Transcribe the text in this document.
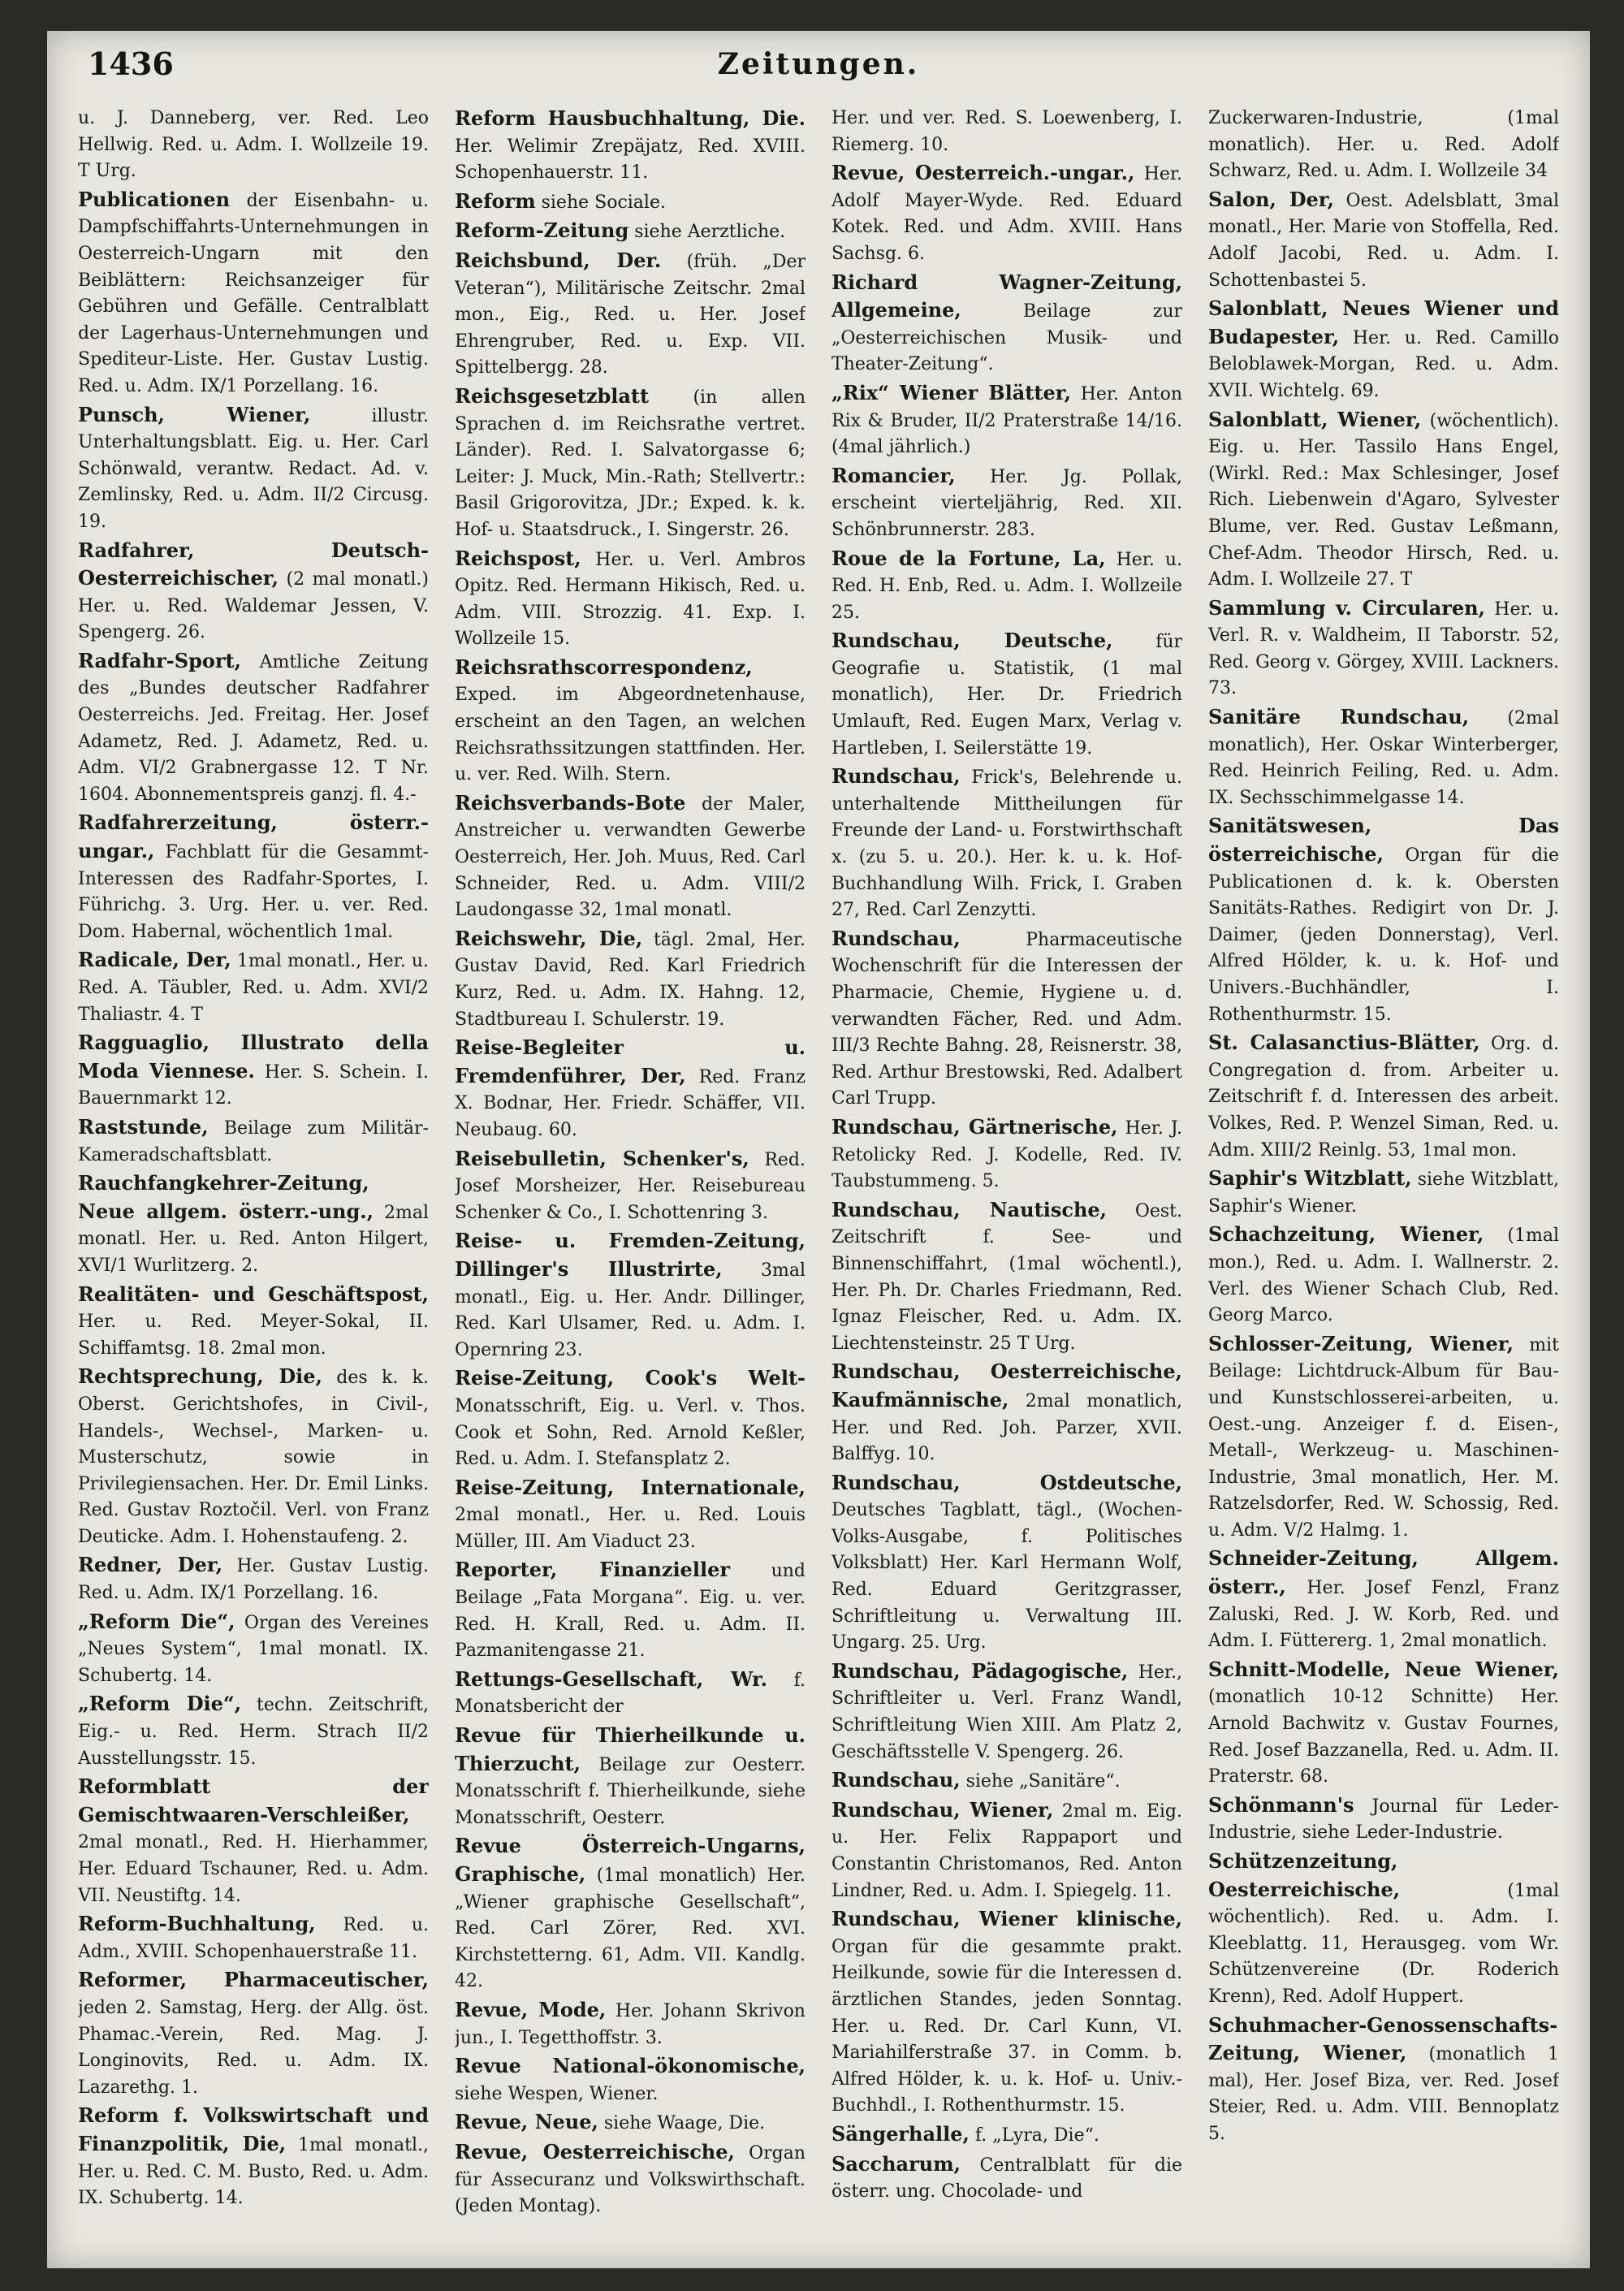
1436	Zeitungen.
u. J. Danneberg, ver. Red. Leo Hellwig. Red. u. Adm. I. Wollzeile 19. T Urg.
Publicationen der Eisenbahn- u. Dampfschiffahrts-Unternehmungen in Oesterreich-Ungarn mit den Beiblättern: Reichsanzeiger für Gebühren und Gefälle. Centralblatt der Lagerhaus-Unternehmungen und Spediteur-Liste. Her. Gustav Lustig. Red. u. Adm. IX/1 Porzellang. 16.
Punsch, Wiener,	illustr. Unterhaltungsblatt. Eig. u. Her. Carl Schönwald, verantw. Redact. Ad. v. Zemlinsky, Red. u. Adm. II/2 Circusg. 19.
Radfahrer, Deutsch-Oesterreichischer, (2 mal monatl.) Her. u. Red. Waldemar Jessen, V. Spengerg. 26.
Radfahr-Sport, Amtliche Zeitung des „Bundes deutscher Radfahrer Oesterreichs. Jed. Freitag. Her. Josef Adametz, Red. J. Adametz, Red. u. Adm. VI/2 Grabnergasse 12. T Nr. 1604. Abonnementspreis ganzj. fl. 4.-
Radfahrerzeitung, österr.-ungar., Fachblatt für die Gesammt-Interessen des Radfahr-Sportes, I. Führichg. 3. Urg. Her. u. ver. Red. Dom. Habernal, wöchentlich 1mal.
Radicale, Der, 1mal monatl., Her. u. Red. A. Täubler, Red. u. Adm. XVI/2 Thaliastr. 4. T
Ragguaglio, Illustrato della Moda Viennese. Her. S. Schein. I. Bauernmarkt 12.
Raststunde, Beilage zum Militär-Kameradschaftsblatt.
Rauchfangkehrer-Zeitung, Neue allgem. österr.-ung., 2mal monatl. Her. u. Red. Anton Hilgert, XVI/1 Wurlitzerg. 2.
Realitäten- und Geschäftspost, Her. u. Red. Meyer-Sokal, II. Schiffamtsg. 18. 2mal mon.
Rechtsprechung, Die, des k. k. Oberst. Gerichtshofes, in Civil-, Handels-, Wechsel-, Marken- u. Musterschutz, sowie in Privilegiensachen. Her. Dr. Emil Links. Red. Gustav Roztočil. Verl. von Franz Deuticke. Adm. I. Hohenstaufeng. 2.
Redner, Der, Her. Gustav Lustig. Red. u. Adm. IX/1 Porzellang. 16.
„Reform Die“, Organ des Vereines „Neues System“, 1mal monatl. IX. Schubertg. 14.
„Reform Die“, techn. Zeitschrift, Eig.- u. Red. Herm. Strach II/2 Ausstellungsstr. 15.
Reformblatt der Gemischtwaaren-Verschleißer, 2mal monatl., Red. H. Hierhammer, Her. Eduard Tschauner, Red. u. Adm. VII. Neustiftg. 14.
Reform-Buchhaltung, Red. u. Adm., XVIII. Schopenhauerstraße 11.
Reformer, Pharmaceutischer, jeden 2. Samstag, Herg. der Allg. öst. Phamac.-Verein, Red. Mag. J. Longinovits, Red. u. Adm. IX. Lazarethg. 1.
Reform f. Volkswirtschaft und Finanzpolitik, Die, 1mal monatl., Her. u. Red. C. M. Busto, Red. u. Adm. IX. Schubertg. 14.
Reform Hausbuchhaltung, Die. Her. Welimir Zrepäjatz, Red. XVIII. Schopenhauerstr. 11.
Reform siehe Sociale.
Reform-Zeitung siehe Aerztliche.
Reichsbund, Der. (früh. „Der Veteran“), Militärische Zeitschr. 2mal mon., Eig., Red. u. Her. Josef Ehrengruber, Red. u. Exp. VII. Spittelbergg. 28.
Reichsgesetzblatt (in allen Sprachen d. im Reichsrathe vertret. Länder). Red. I. Salvatorgasse 6; Leiter: J. Muck, Min.-Rath; Stellvertr.: Basil Grigorovitza, JDr.; Exped. k. k. Hof- u. Staatsdruck., I. Singerstr. 26.
Reichspost, Her. u. Verl. Ambros Opitz. Red. Hermann Hikisch, Red. u. Adm. VIII. Strozzig. 41. Exp. I. Wollzeile 15.
Reichsrathscorrespondenz, Exped. im Abgeordnetenhause, erscheint an den Tagen, an welchen Reichsrathssitzungen stattfinden. Her. u. ver. Red. Wilh. Stern.
Reichsverbands-Bote der Maler, Anstreicher u. verwandten Gewerbe Oesterreich, Her. Joh. Muus, Red. Carl Schneider, Red. u. Adm. VIII/2 Laudongasse 32, 1mal monatl.
Reichswehr, Die, tägl. 2mal, Her. Gustav David, Red. Karl Friedrich Kurz, Red. u. Adm. IX. Hahng. 12, Stadtbureau I. Schulerstr. 19.
Reise-Begleiter u. Fremdenführer, Der, Red. Franz X. Bodnar, Her. Friedr. Schäffer, VII. Neubaug. 60.
Reisebulletin, Schenker's, Red. Josef Morsheizer, Her. Reisebureau Schenker & Co., I. Schottenring 3.
Reise- u. Fremden-Zeitung, Dillinger's Illustrirte, 3mal monatl., Eig. u. Her. Andr. Dillinger, Red. Karl Ulsamer, Red. u. Adm. I. Opernring 23.
Reise-Zeitung, Cook's Welt- Monatsschrift, Eig. u. Verl. v. Thos. Cook et Sohn, Red. Arnold Keßler, Red. u. Adm. I. Stefansplatz 2.
Reise-Zeitung, Internationale, 2mal monatl., Her. u. Red. Louis Müller, III. Am Viaduct 23.
Reporter, Finanzieller und Beilage „Fata Morgana“. Eig. u. ver. Red. H. Krall, Red. u. Adm. II. Pazmanitengasse 21.
Rettungs-Gesellschaft, Wr. f. Monatsbericht der
Revue für Thierheilkunde u. Thierzucht, Beilage zur Oesterr. Monatsschrift f. Thierheilkunde, siehe Monatsschrift, Oesterr.
Revue Österreich-Ungarns, Graphische, (1mal monatlich) Her. „Wiener graphische Gesellschaft“, Red. Carl Zörer, Red. XVI. Kirchstetterng. 61, Adm. VII. Kandlg. 42.
Revue, Mode, Her. Johann Skrivon jun., I. Tegetthoffstr. 3.
Revue National-ökonomische, siehe Wespen, Wiener.
Revue, Neue, siehe Waage, Die.
Revue, Oesterreichische, Organ für Assecuranz und Volkswirthschaft. (Jeden Montag).
Her. und ver. Red. S. Loewenberg, I. Riemerg. 10.
Revue, Oesterreich.-ungar., Her. Adolf Mayer-Wyde. Red. Eduard Kotek. Red. und Adm. XVIII. Hans Sachsg. 6.
Richard Wagner-Zeitung, Allgemeine,	Beilage zur „Oesterreichischen Musik- und Theater-Zeitung“.
„Rix“ Wiener Blätter, Her. Anton Rix & Bruder, II/2 Praterstraße 14/16. (4mal jährlich.)
Romancier, Her. Jg. Pollak, erscheint vierteljährig, Red. XII. Schönbrunnerstr. 283.
Roue de la Fortune, La, Her. u. Red. H. Enb, Red. u. Adm. I. Wollzeile 25.
Rundschau, Deutsche, für Geografie u. Statistik, (1 mal monatlich), Her. Dr. Friedrich Umlauft, Red. Eugen Marx, Verlag v. Hartleben, I. Seilerstätte 19.
Rundschau, Frick's, Belehrende u. unterhaltende Mittheilungen für Freunde der Land- u. Forstwirthschaft x. (zu 5. u. 20.). Her. k. u. k. Hof-Buchhandlung Wilh. Frick, I. Graben 27, Red. Carl Zenzytti.
Rundschau,	Pharmaceutische Wochenschrift für die Interessen der Pharmacie, Chemie, Hygiene u. d. verwandten Fächer, Red. und Adm. III/3 Rechte Bahng. 28, Reisnerstr. 38, Red. Arthur Brestowski, Red. Adalbert Carl Trupp.
Rundschau, Gärtnerische, Her. J. Retolicky Red. J. Kodelle, Red. IV. Taubstummeng. 5.
Rundschau, Nautische, Oest. Zeitschrift f. See- und Binnenschiffahrt, (1mal wöchentl.), Her. Ph. Dr. Charles Friedmann, Red. Ignaz Fleischer, Red. u. Adm. IX. Liechtensteinstr. 25 T Urg.
Rundschau, Oesterreichische, Kaufmännische, 2mal monatlich, Her. und Red. Joh. Parzer, XVII. Balffyg. 10.
Rundschau, Ostdeutsche, Deutsches Tagblatt, tägl., (Wochen-Volks-Ausgabe, f. Politisches Volksblatt) Her. Karl Hermann Wolf, Red. Eduard Geritzgrasser, Schriftleitung u. Verwaltung III. Ungarg. 25. Urg.
Rundschau, Pädagogische, Her., Schriftleiter u. Verl. Franz Wandl, Schriftleitung Wien XIII. Am Platz 2, Geschäftsstelle V. Spengerg. 26.
Rundschau, siehe „Sanitäre“.
Rundschau, Wiener, 2mal m. Eig. u. Her. Felix Rappaport und Constantin Christomanos, Red. Anton Lindner, Red. u. Adm. I. Spiegelg. 11.
Rundschau, Wiener klinische, Organ für die gesammte prakt. Heilkunde, sowie für die Interessen d. ärztlichen Standes, jeden Sonntag. Her. u. Red. Dr. Carl Kunn, VI. Mariahilferstraße 37. in Comm. b. Alfred Hölder, k. u. k. Hof- u. Univ.-Buchhdl., I. Rothenthurmstr. 15.
Sängerhalle, f. „Lyra, Die“.
Saccharum, Centralblatt für die österr. ung. Chocolade- und
Zuckerwaren-Industrie, (1mal monatlich). Her. u. Red. Adolf Schwarz, Red. u. Adm. I. Wollzeile 34
Salon, Der, Oest. Adelsblatt, 3mal monatl., Her. Marie von Stoffella, Red. Adolf Jacobi, Red. u. Adm. I. Schottenbastei 5.
Salonblatt, Neues Wiener und Budapester, Her. u. Red. Camillo Beloblawek-Morgan, Red. u. Adm. XVII. Wichtelg. 69.
Salonblatt, Wiener, (wöchentlich). Eig. u. Her. Tassilo Hans Engel, (Wirkl. Red.: Max Schlesinger, Josef Rich. Liebenwein d'Agaro, Sylvester Blume, ver. Red. Gustav Leßmann, Chef-Adm. Theodor Hirsch, Red. u. Adm. I. Wollzeile 27. T
Sammlung v. Circularen, Her. u. Verl. R. v. Waldheim, II Taborstr. 52, Red. Georg v. Görgey, XVIII. Lackners. 73.
Sanitäre Rundschau, (2mal monatlich), Her. Oskar Winterberger, Red. Heinrich Feiling, Red. u. Adm. IX. Sechsschimmelgasse 14.
Sanitätswesen, Das österreichische, Organ für die Publicationen d. k. k. Obersten Sanitäts-Rathes. Redigirt von Dr. J. Daimer, (jeden Donnerstag), Verl. Alfred Hölder, k. u. k. Hof- und Univers.-Buchhändler, I. Rothenthurmstr. 15.
St. Calasanctius-Blätter, Org. d. Congregation d. from. Arbeiter u. Zeitschrift f. d. Interessen des arbeit. Volkes, Red. P. Wenzel Siman, Red. u. Adm. XIII/2 Reinlg. 53, 1mal mon.
Saphir's Witzblatt, siehe Witzblatt, Saphir's Wiener.
Schachzeitung, Wiener, (1mal mon.), Red. u. Adm. I. Wallnerstr. 2. Verl. des Wiener Schach Club, Red. Georg Marco.
Schlosser-Zeitung, Wiener, mit Beilage: Lichtdruck-Album für Bau- und Kunstschlosserei-arbeiten, u. Oest.-ung. Anzeiger f. d. Eisen-, Metall-, Werkzeug- u. Maschinen-Industrie, 3mal monatlich, Her. M. Ratzelsdorfer, Red. W. Schossig, Red. u. Adm. V/2 Halmg. 1.
Schneider-Zeitung, Allgem. österr., Her. Josef Fenzl, Franz Zaluski, Red. J. W. Korb, Red. und Adm. I. Füttererg. 1, 2mal monatlich.
Schnitt-Modelle, Neue Wiener, (monatlich 10-12 Schnitte) Her. Arnold Bachwitz v. Gustav Fournes, Red. Josef Bazzanella, Red. u. Adm. II. Praterstr. 68.
Schönmann's Journal für Leder-Industrie, siehe Leder-Industrie.
Schützenzeitung, Oesterreichische,	(1mal wöchentlich). Red. u. Adm. I. Kleeblattg. 11, Herausgeg. vom Wr. Schützenvereine (Dr. Roderich Krenn), Red. Adolf Huppert.
Schuhmacher-Genossenschafts-Zeitung, Wiener, (monatlich 1 mal), Her. Josef Biza, ver. Red. Josef Steier, Red. u. Adm. VIII. Bennoplatz 5.
